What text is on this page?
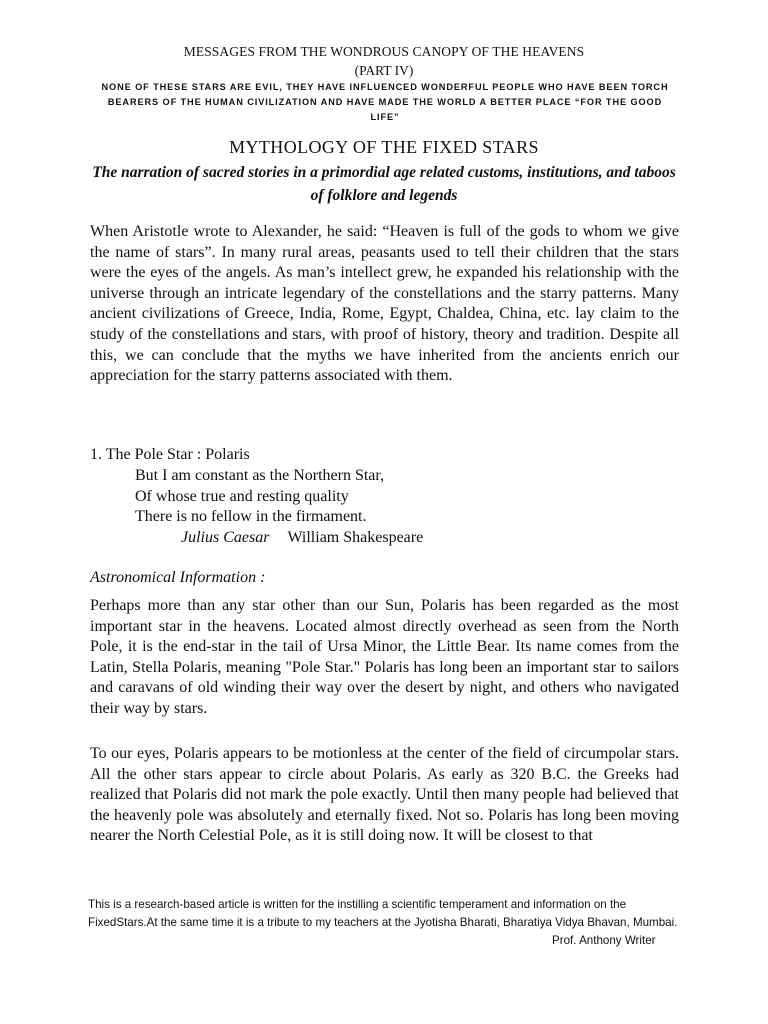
MESSAGES FROM THE WONDROUS CANOPY OF THE HEAVENS
(PART IV)
NONE OF THESE STARS ARE EVIL, THEY HAVE INFLUENCED WONDERFUL PEOPLE WHO HAVE BEEN TORCH BEARERS OF THE HUMAN CIVILIZATION AND HAVE MADE THE WORLD A BETTER PLACE “FOR THE GOOD LIFE”
MYTHOLOGY OF THE FIXED STARS
The narration of sacred stories in a primordial age related customs, institutions, and taboos of folklore and legends
When Aristotle wrote to Alexander, he said: “Heaven is full of the gods to whom we give the name of stars”. In many rural areas, peasants used to tell their children that the stars were the eyes of the angels. As man’s intellect grew, he expanded his relationship with the universe through an intricate legendary of the constellations and the starry patterns. Many ancient civilizations of Greece, India, Rome, Egypt, Chaldea, China, etc. lay claim to the study of the constellations and stars, with proof of history, theory and tradition. Despite all this, we can conclude that the myths we have inherited from the ancients enrich our appreciation for the starry patterns associated with them.
1. The Pole Star : Polaris
But I am constant as the Northern Star,
Of whose true and resting quality
There is no fellow in the firmament.
Julius Caesar William Shakespeare
Astronomical Information :
Perhaps more than any star other than our Sun, Polaris has been regarded as the most important star in the heavens. Located almost directly overhead as seen from the North Pole, it is the end-star in the tail of Ursa Minor, the Little Bear. Its name comes from the Latin, Stella Polaris, meaning "Pole Star." Polaris has long been an important star to sailors and caravans of old winding their way over the desert by night, and others who navigated their way by stars.
To our eyes, Polaris appears to be motionless at the center of the field of circumpolar stars. All the other stars appear to circle about Polaris. As early as 320 B.C. the Greeks had realized that Polaris did not mark the pole exactly. Until then many people had believed that the heavenly pole was absolutely and eternally fixed. Not so. Polaris has long been moving nearer the North Celestial Pole, as it is still doing now. It will be closest to that
This is a research-based article is written for the instilling a scientific temperament and information on the FixedStars.At the same time it is a tribute to my teachers at the Jyotisha Bharati, Bharatiya Vidya Bhavan, Mumbai.
Prof. Anthony Writer
